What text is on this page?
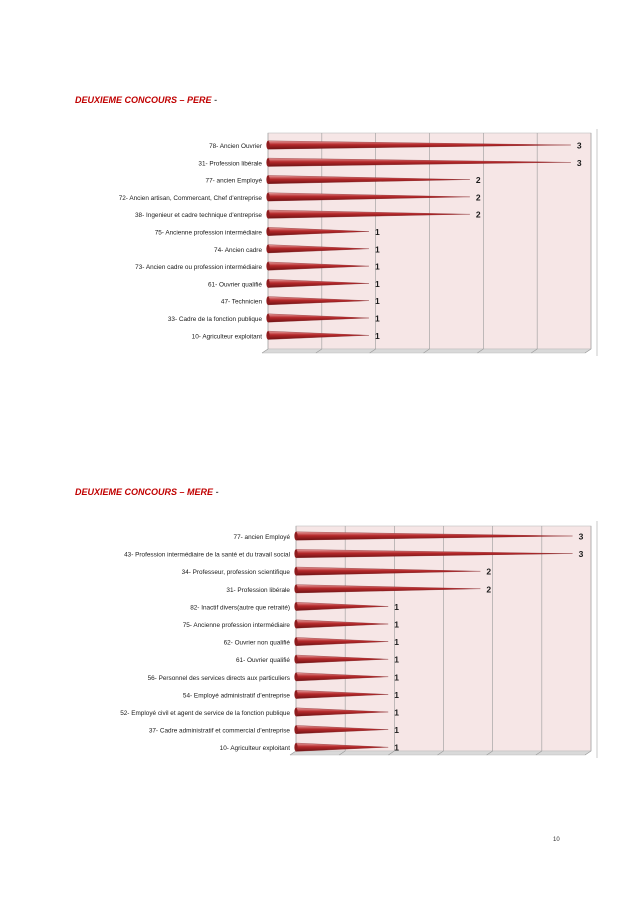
DEUXIEME CONCOURS – PERE -

DEUXIEME CONCOURS – MERE -

78- Ancien Ouvrier	3
31- Profession libérale	3
77- ancien Employé	2
72- Ancien artisan, Commercant, Chef d'entreprise	2
38- Ingenieur et cadre technique d'entreprise	2
75- Ancienne profession intermédiaire	1
74- Ancien cadre	1
73- Ancien cadre ou profession intermédiaire	1
61- Ouvrier qualifié	1
47- Technicien	1
33- Cadre de la fonction publique	1
10- Agriculteur exploitant	1
77- ancien Employé	3
43- Profession intermédiaire de la santé et du travail social	3
34- Professeur, profession scientifique	2
31- Profession libérale	2
82- Inactif divers(autre que retraité)	1
75- Ancienne profession intermédiaire	1
62- Ouvrier non qualifié	1
61- Ouvrier qualifié	1
56- Personnel des services directs aux particuliers	1
54- Employé administratif d'entreprise	1
52- Employé civil et agent de service de la fonction publique	1
37- Cadre administratif et commercial d'entreprise	1
10- Agriculteur exploitant	1

10
